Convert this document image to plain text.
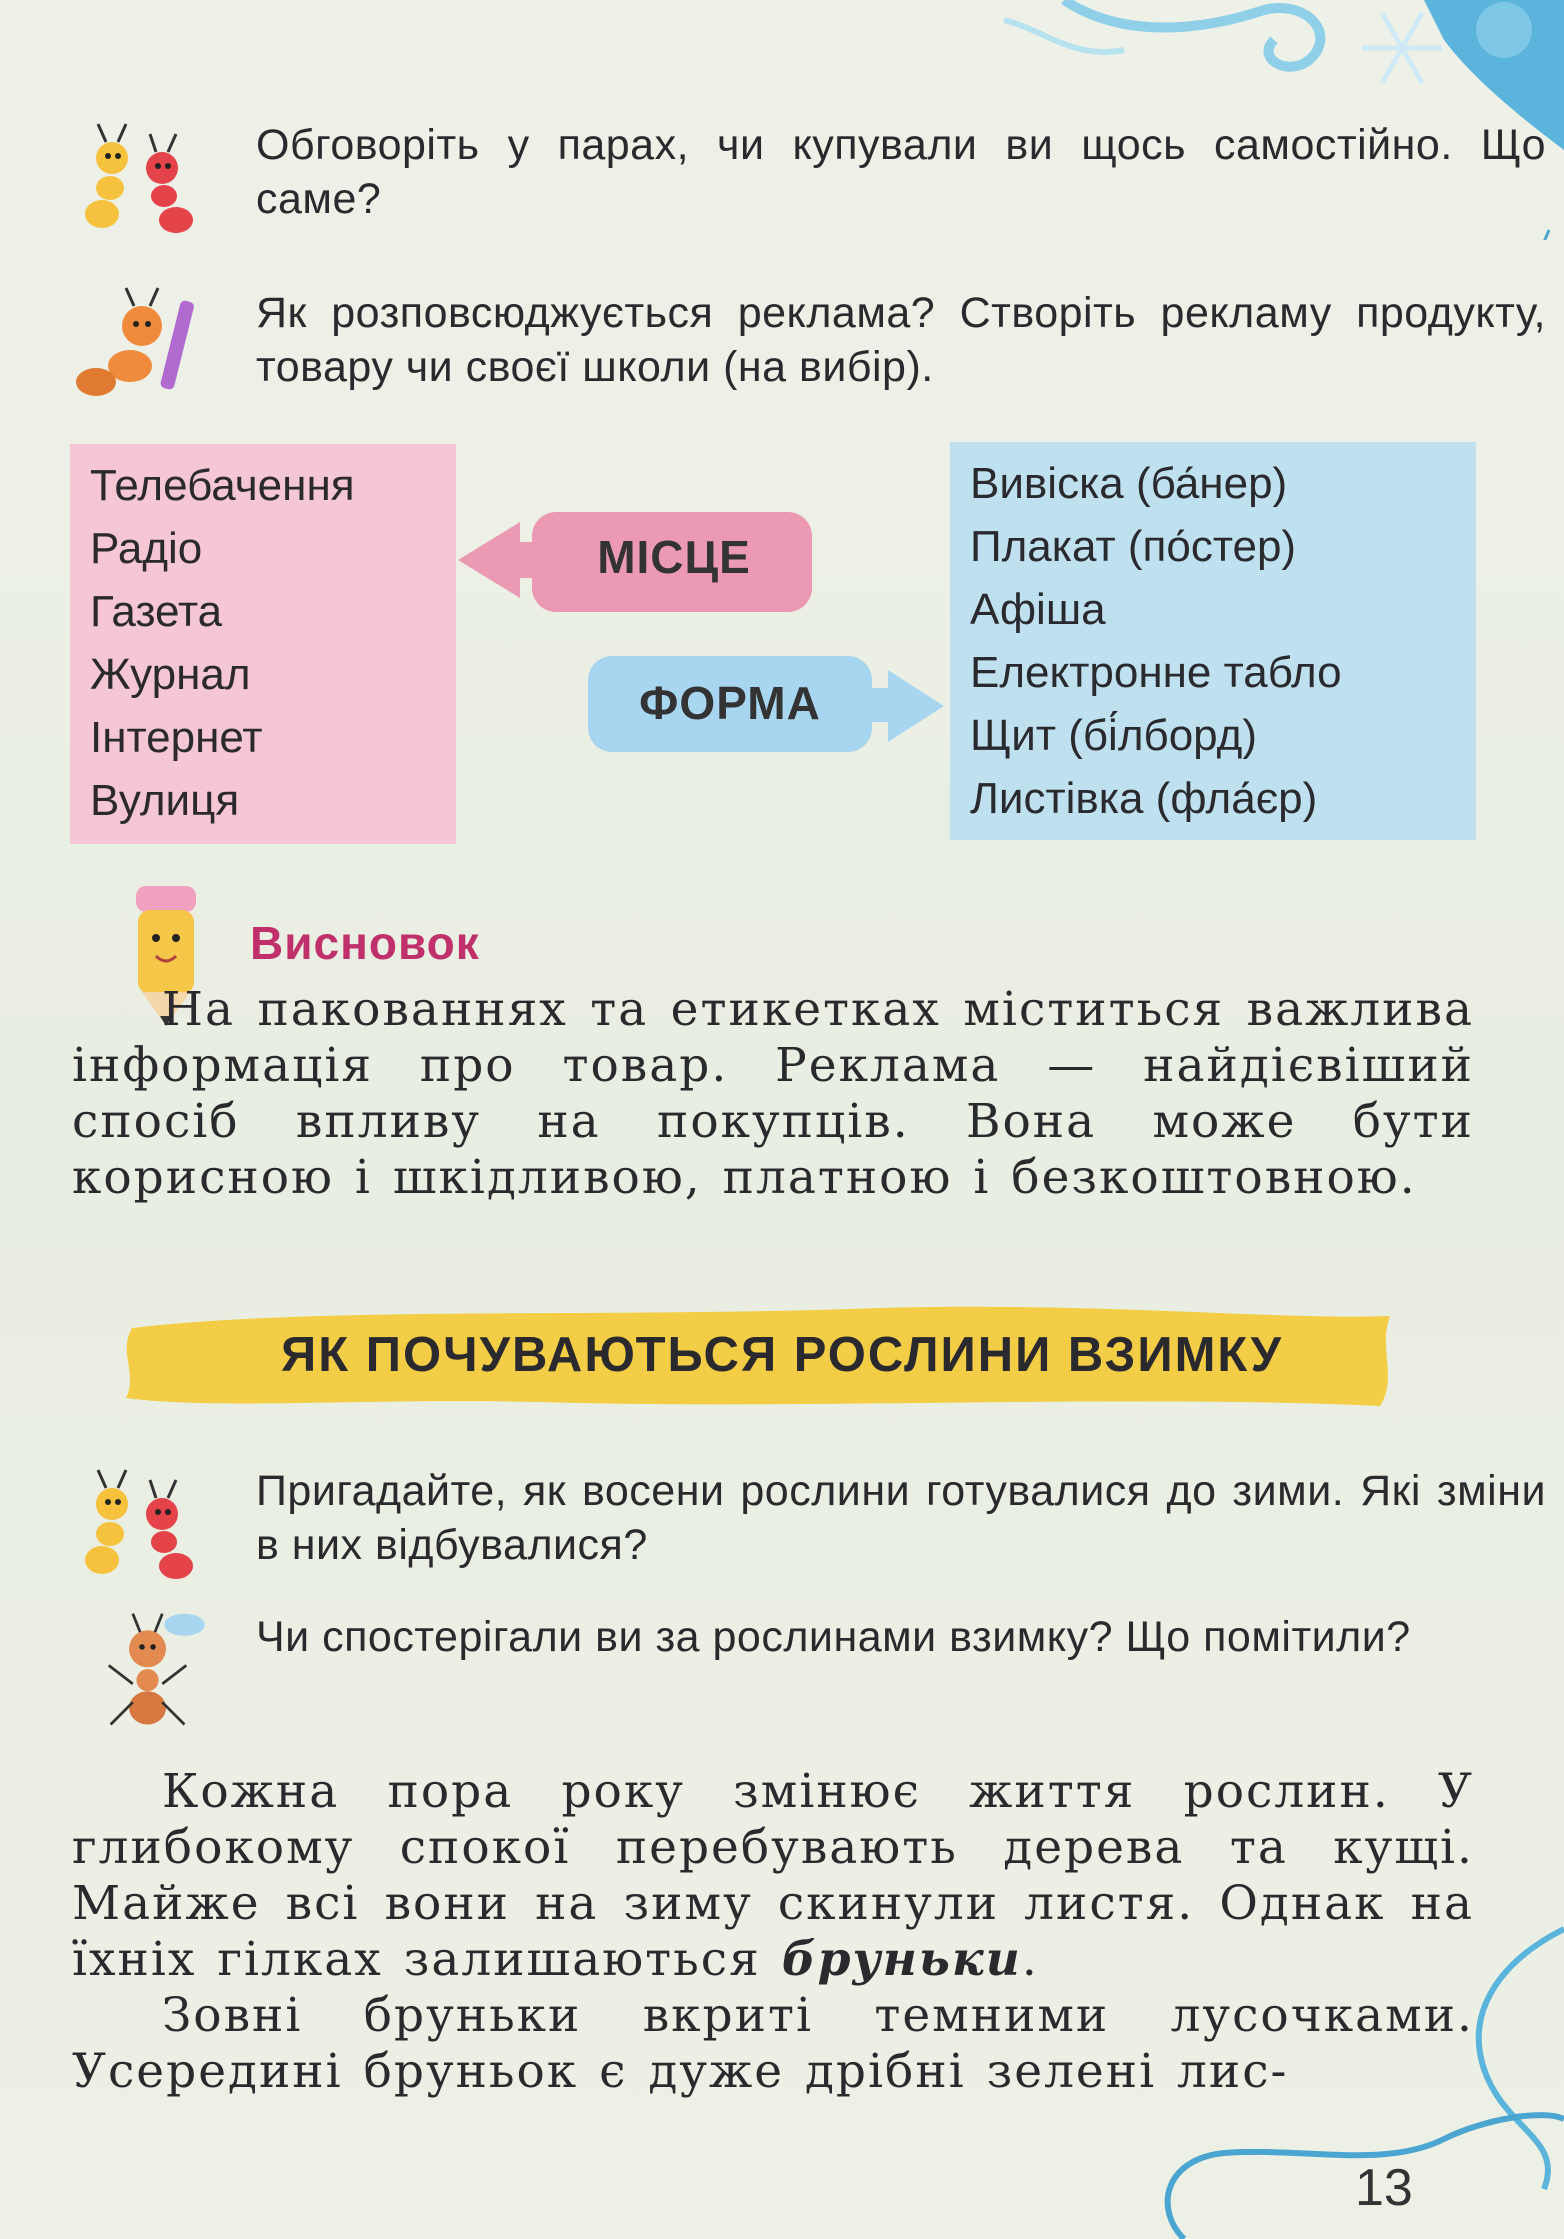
Обговоріть у парах, чи купували ви щось самостійно. Що саме?
Як розповсюджується реклама? Створіть рекламу продукту, товару чи своєї школи (на вибір).
Телебачення
Радіо
Газета
Журнал
Інтернет
Вулиця
МІСЦЕ
ФОРМА
Вивіска (ба́нер)
Плакат (по́стер)
Афіша
Електронне табло
Щит (бі́лборд)
Листівка (фла́єр)
Висновок
На пакованнях та етикетках міститься важлива інформація про товар. Реклама — найдієвіший спосіб впливу на покупців. Вона може бути корисною і шкідливою, платною і безкоштовною.
ЯК ПОЧУВАЮТЬСЯ РОСЛИНИ ВЗИМКУ
Пригадайте, як восени рослини готувалися до зими. Які зміни в них відбувалися?
Чи спостерігали ви за рослинами взимку? Що помітили?
Кожна пора року змінює життя рослин. У глибокому спокої перебувають дерева та кущі. Майже всі вони на зиму скинули листя. Однак на їхніх гілках залишаються бруньки.
Зовні бруньки вкриті темними лусочками. Усередині бруньок є дуже дрібні зелені лис-
13
